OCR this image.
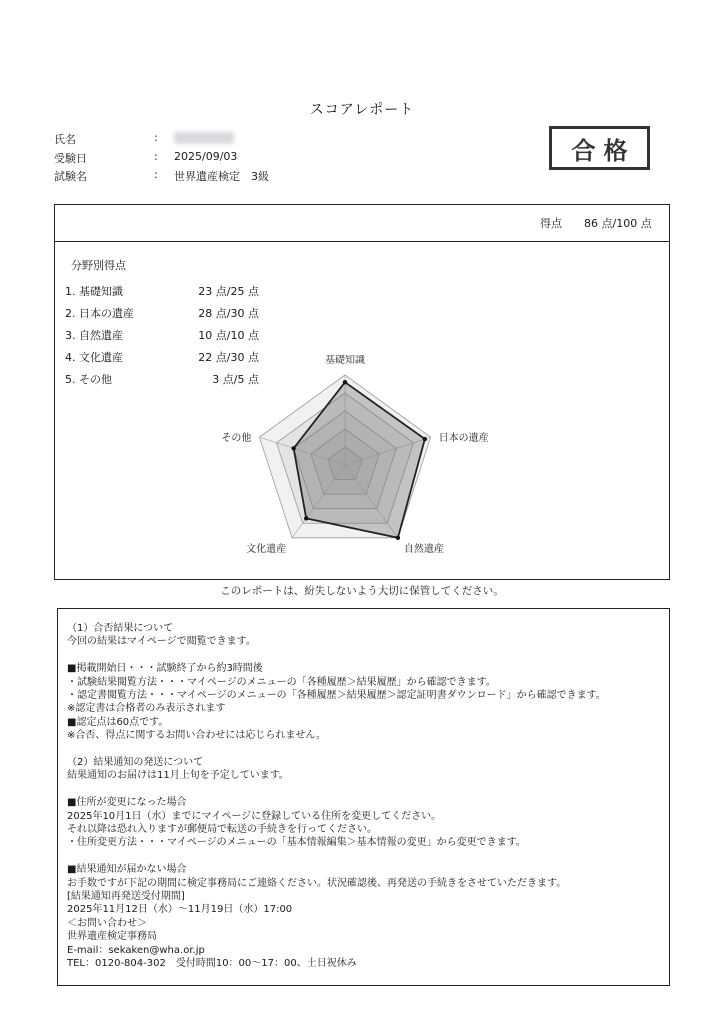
スコアレポート
氏名	:
受験日	: 2025/09/03
試験名	: 世界遺産検定　3級
合格
得点 86 点/100 点
分野別得点
1. 基礎知識	23 点/25 点
2. 日本の遺産	28 点/30 点
3. 自然遺産	10 点/10 点
4. 文化遺産	22 点/30 点
5. その他	3 点/5 点
基礎知識
日本の遺産
自然遺産
文化遺産
その他
このレポートは、紛失しないよう大切に保管してください。
（1）合否結果について
今回の結果はマイページで閲覧できます。
■掲載開始日・・・試験終了から約3時間後
・試験結果閲覧方法・・・マイページのメニューの「各種履歴＞結果履歴」から確認できます。
・認定書閲覧方法・・・マイページのメニューの「各種履歴＞結果履歴＞認定証明書ダウンロード」から確認できます。
※認定書は合格者のみ表示されます
■認定点は60点です。
※合否、得点に関するお問い合わせには応じられません。
（2）結果通知の発送について
結果通知のお届けは11月上旬を予定しています。
■住所が変更になった場合
2025年10月1日（水）までにマイページに登録している住所を変更してください。
それ以降は恐れ入りますが郵便局で転送の手続きを行ってください。
・住所変更方法・・・マイページのメニューの「基本情報編集＞基本情報の変更」から変更できます。
■結果通知が届かない場合
お手数ですが下記の期間に検定事務局にご連絡ください。状況確認後、再発送の手続きをさせていただきます。
[結果通知再発送受付期間]
2025年11月12日（水）～11月19日（水）17:00
＜お問い合わせ＞
世界遺産検定事務局
E-mail：sekaken@wha.or.jp
TEL：0120-804-302　受付時間10：00～17：00、土日祝休み
